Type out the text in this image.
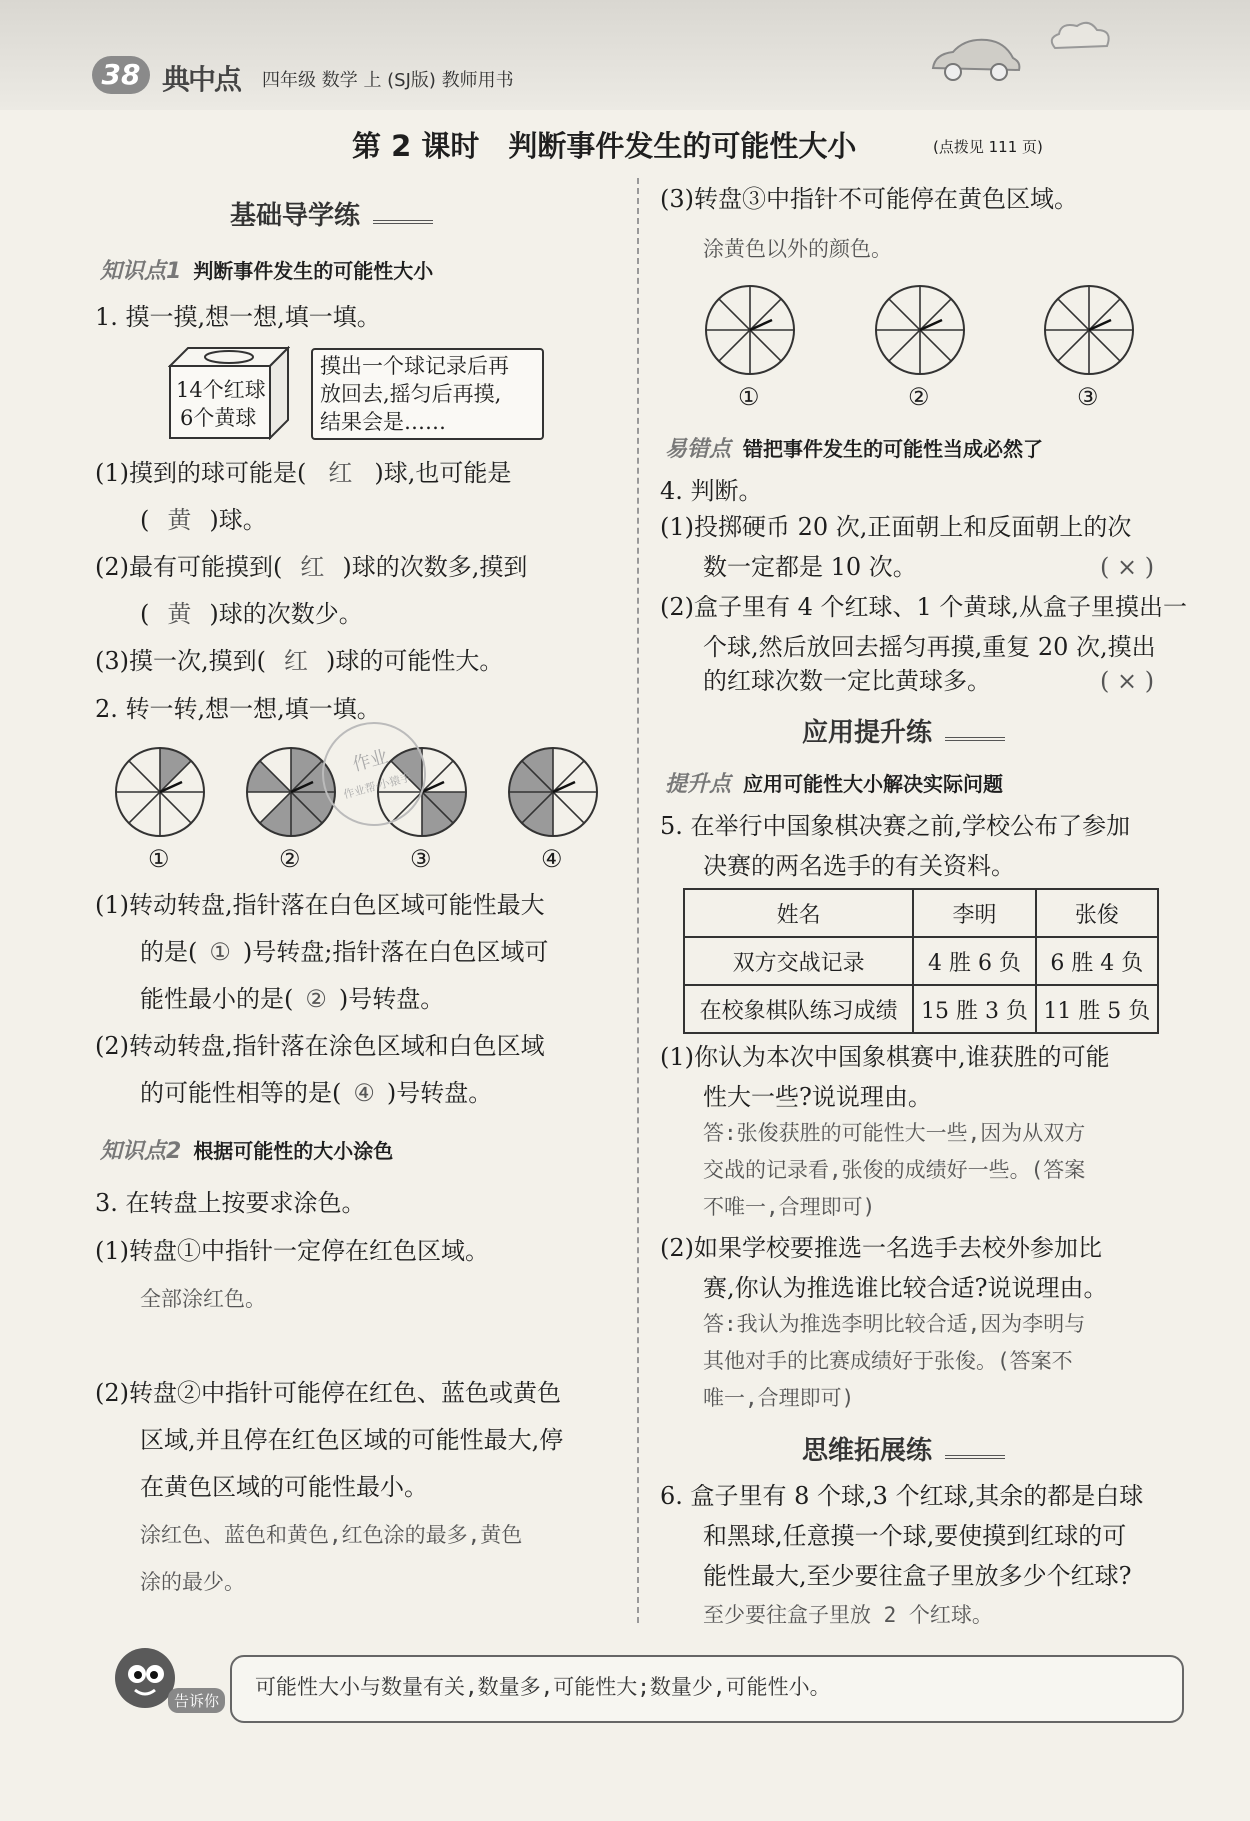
38 典中点 四年级 数学 上 (SJ版) 教师用书
第 2 课时　判断事件发生的可能性大小	(点拨见 111 页)
基础导学练
知识点1 判断事件发生的可能性大小
1. 摸一摸,想一想,填一填。
14个红球
6个黄球
摸出一个球记录后再
放回去,摇匀后再摸,
结果会是……
(1)摸到的球可能是( 红 )球,也可能是
( 黄 )球。
(2)最有可能摸到( 红 )球的次数多,摸到
( 黄 )球的次数少。
(3)摸一次,摸到( 红 )球的可能性大。
2. 转一转,想一想,填一填。
①	②	③	④
作业
作业帮·小猿手
(1)转动转盘,指针落在白色区域可能性最大
的是( ① )号转盘;指针落在白色区域可
能性最小的是( ② )号转盘。
(2)转动转盘,指针落在涂色区域和白色区域
的可能性相等的是( ④ )号转盘。
知识点2 根据可能性的大小涂色
3. 在转盘上按要求涂色。
(1)转盘①中指针一定停在红色区域。
全部涂红色。
(2)转盘②中指针可能停在红色、蓝色或黄色
区域,并且停在红色区域的可能性最大,停
在黄色区域的可能性最小。
涂红色、蓝色和黄色,红色涂的最多,黄色
涂的最少。
(3)转盘③中指针不可能停在黄色区域。
涂黄色以外的颜色。
①	②	③
易错点 错把事件发生的可能性当成必然了
4. 判断。
(1)投掷硬币 20 次,正面朝上和反面朝上的次
数一定都是 10 次。	( × )
(2)盒子里有 4 个红球、1 个黄球,从盒子里摸出一
个球,然后放回去摇匀再摸,重复 20 次,摸出
的红球次数一定比黄球多。	( × )
应用提升练
提升点 应用可能性大小解决实际问题
5. 在举行中国象棋决赛之前,学校公布了参加
决赛的两名选手的有关资料。
姓名	李明	张俊
双方交战记录	4 胜 6 负	6 胜 4 负
在校象棋队练习成绩	15 胜 3 负	11 胜 5 负
(1)你认为本次中国象棋赛中,谁获胜的可能
性大一些?说说理由。
答:张俊获胜的可能性大一些,因为从双方
交战的记录看,张俊的成绩好一些。(答案
不唯一,合理即可)
(2)如果学校要推选一名选手去校外参加比
赛,你认为推选谁比较合适?说说理由。
答:我认为推选李明比较合适,因为李明与
其他对手的比赛成绩好于张俊。(答案不
唯一,合理即可)
思维拓展练
6. 盒子里有 8 个球,3 个红球,其余的都是白球
和黑球,任意摸一个球,要使摸到红球的可
能性最大,至少要往盒子里放多少个红球?
至少要往盒子里放 2 个红球。
告诉你
可能性大小与数量有关,数量多,可能性大;数量少,可能性小。
